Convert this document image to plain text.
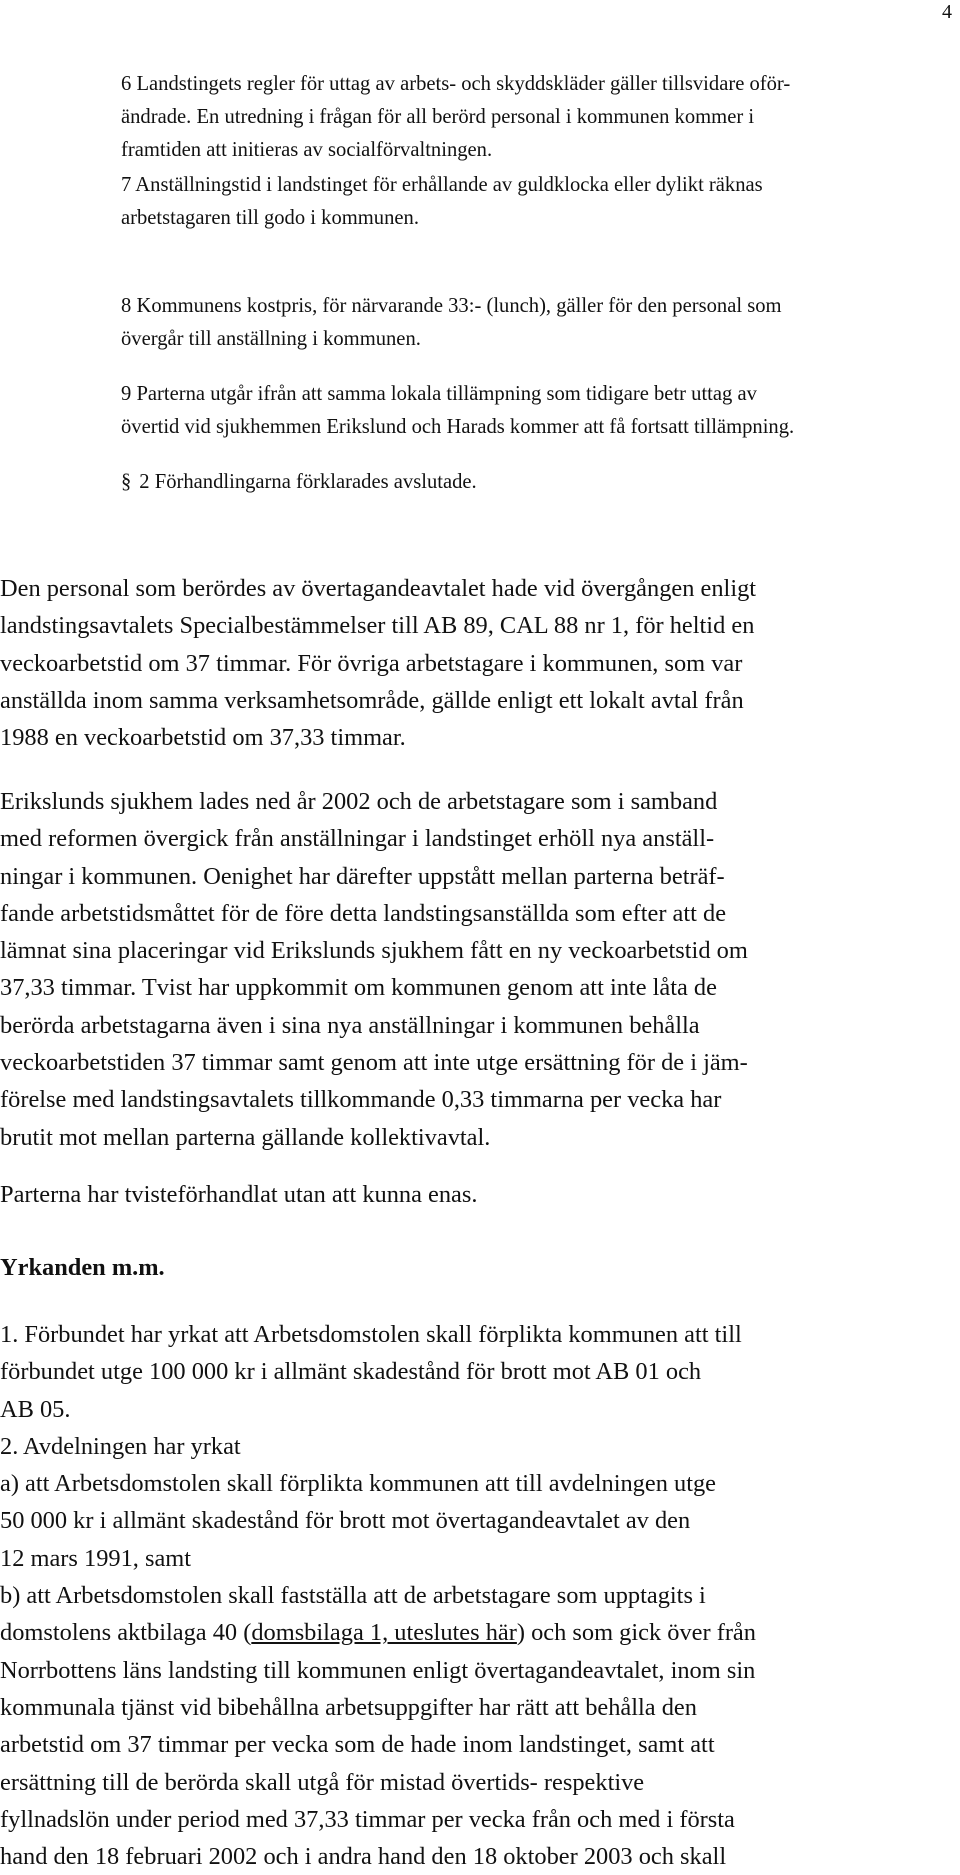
4
6 Landstingets regler för uttag av arbets- och skyddskläder gäller tillsvidare oför-
ändrade. En utredning i frågan för all berörd personal i kommunen kommer i
framtiden att initieras av socialförvaltningen.
7 Anställningstid i landstinget för erhållande av guldklocka eller dylikt räknas
arbetstagaren till godo i kommunen.
8 Kommunens kostpris, för närvarande 33:- (lunch), gäller för den personal som
övergår till anställning i kommunen.
9 Parterna utgår ifrån att samma lokala tillämpning som tidigare betr uttag av
övertid vid sjukhemmen Erikslund och Harads kommer att få fortsatt tillämpning.
§ 2 Förhandlingarna förklarades avslutade.
Den personal som berördes av övertagandeavtalet hade vid övergången enligt
landstingsavtalets Specialbestämmelser till AB 89, CAL 88 nr 1, för heltid en
veckoarbetstid om 37 timmar. För övriga arbetstagare i kommunen, som var
anställda inom samma verksamhetsområde, gällde enligt ett lokalt avtal från
1988 en veckoarbetstid om 37,33 timmar.
Erikslunds sjukhem lades ned år 2002 och de arbetstagare som i samband
med reformen övergick från anställningar i landstinget erhöll nya anställ-
ningar i kommunen. Oenighet har därefter uppstått mellan parterna beträf-
fande arbetstidsmåttet för de före detta landstingsanställda som efter att de
lämnat sina placeringar vid Erikslunds sjukhem fått en ny veckoarbetstid om
37,33 timmar. Tvist har uppkommit om kommunen genom att inte låta de
berörda arbetstagarna även i sina nya anställningar i kommunen behålla
veckoarbetstiden 37 timmar samt genom att inte utge ersättning för de i jäm-
förelse med landstingsavtalets tillkommande 0,33 timmarna per vecka har
brutit mot mellan parterna gällande kollektivavtal.
Parterna har tvisteförhandlat utan att kunna enas.
Yrkanden m.m.
1. Förbundet har yrkat att Arbetsdomstolen skall förplikta kommunen att till
förbundet utge 100 000 kr i allmänt skadestånd för brott mot AB 01 och
AB 05.
2. Avdelningen har yrkat
a) att Arbetsdomstolen skall förplikta kommunen att till avdelningen utge
50 000 kr i allmänt skadestånd för brott mot övertagandeavtalet av den
12 mars 1991, samt
b) att Arbetsdomstolen skall fastställa att de arbetstagare som upptagits i
domstolens aktbilaga 40 (domsbilaga 1, uteslutes här) och som gick över från
Norrbottens läns landsting till kommunen enligt övertagandeavtalet, inom sin
kommunala tjänst vid bibehållna arbetsuppgifter har rätt att behålla den
arbetstid om 37 timmar per vecka som de hade inom landstinget, samt att
ersättning till de berörda skall utgå för mistad övertids- respektive
fyllnadslön under period med 37,33 timmar per vecka från och med i första
hand den 18 februari 2002 och i andra hand den 18 oktober 2003 och skall
